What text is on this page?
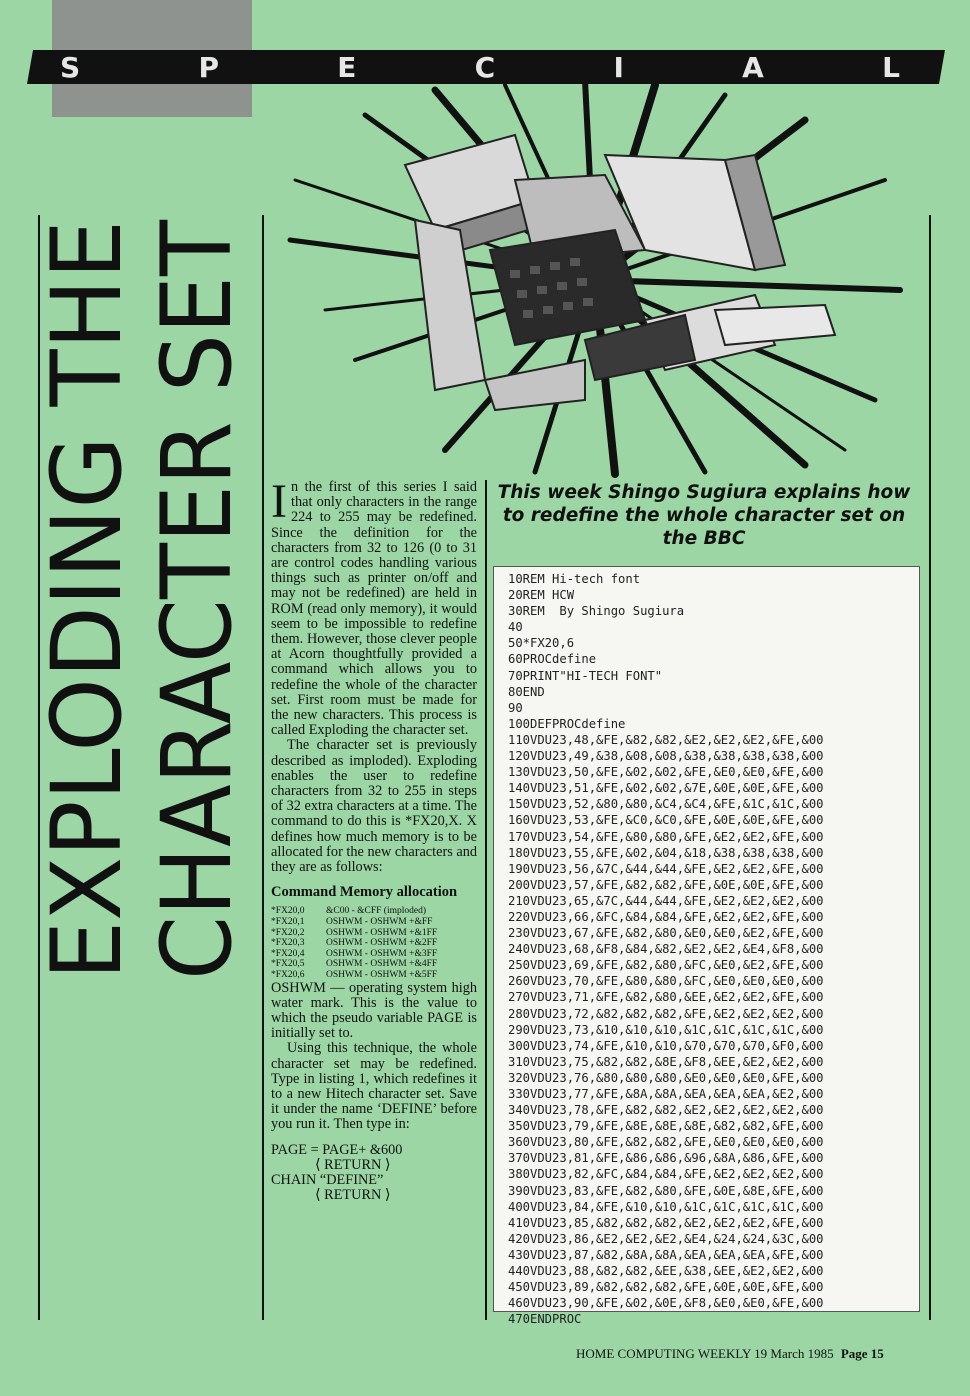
S	P	E	C	I	A	L
EXPLODING THE
CHARACTER SET	This week Shingo Sugiura explains how to redefine the whole character set on the BBC

In the first of this series I said that only characters in the range 224 to 255 may be redefined. Since the definition for the characters from 32 to 126 (0 to 31 are control codes handling various things such as printer on/off and may not be redefined) are held in ROM (read only memory), it would seem to be impossible to redefine them. However, those clever people at Acorn thoughtfully provided a command which allows you to redefine the whole of the character set. First room must be made for the new characters. This process is called Exploding the character set.

The character set is previously described as imploded). Exploding enables the user to redefine characters from 32 to 255 in steps of 32 extra characters at a time. The command to do this is *FX20,X. X defines how much memory is to be allocated for the new characters and they are as follows:

Command Memory allocation
*FX20,0	&C00 - &CFF (imploded)
*FX20,1	OSHWM - OSHWM +&FF
*FX20,2	OSHWM - OSHWM +&1FF
*FX20,3	OSHWM - OSHWM +&2FF
*FX20,4	OSHWM - OSHWM +&3FF
*FX20,5	OSHWM - OSHWM +&4FF
*FX20,6	OSHWM - OSHWM +&5FF

OSHWM — operating system high water mark. This is the value to which the pseudo variable PAGE is initially set to.

Using this technique, the whole character set may be redefined. Type in listing 1, which redefines it to a new Hitech character set. Save it under the name ‘DEFINE’ before you run it. Then type in:

PAGE = PAGE+ &600
⟨ RETURN ⟩
CHAIN “DEFINE”
⟨ RETURN ⟩
10REM Hi-tech font
20REM HCW
30REM  By Shingo Sugiura
40
50*FX20,6
60PROCdefine
70PRINT"HI-TECH FONT"
80END
90
100DEFPROCdefine
110VDU23,48,&FE,&82,&82,&E2,&E2,&E2,&FE,&00
120VDU23,49,&38,&08,&08,&38,&38,&38,&38,&00
130VDU23,50,&FE,&02,&02,&FE,&E0,&E0,&FE,&00
140VDU23,51,&FE,&02,&02,&7E,&0E,&0E,&FE,&00
150VDU23,52,&80,&80,&C4,&C4,&FE,&1C,&1C,&00
160VDU23,53,&FE,&C0,&C0,&FE,&0E,&0E,&FE,&00
170VDU23,54,&FE,&80,&80,&FE,&E2,&E2,&FE,&00
180VDU23,55,&FE,&02,&04,&18,&38,&38,&38,&00
190VDU23,56,&7C,&44,&44,&FE,&E2,&E2,&FE,&00
200VDU23,57,&FE,&82,&82,&FE,&0E,&0E,&FE,&00
210VDU23,65,&7C,&44,&44,&FE,&E2,&E2,&E2,&00
220VDU23,66,&FC,&84,&84,&FE,&E2,&E2,&FE,&00
230VDU23,67,&FE,&82,&80,&E0,&E0,&E2,&FE,&00
240VDU23,68,&F8,&84,&82,&E2,&E2,&E4,&F8,&00
250VDU23,69,&FE,&82,&80,&FC,&E0,&E2,&FE,&00
260VDU23,70,&FE,&80,&80,&FC,&E0,&E0,&E0,&00
270VDU23,71,&FE,&82,&80,&EE,&E2,&E2,&FE,&00
280VDU23,72,&82,&82,&82,&FE,&E2,&E2,&E2,&00
290VDU23,73,&10,&10,&10,&1C,&1C,&1C,&1C,&00
300VDU23,74,&FE,&10,&10,&70,&70,&70,&F0,&00
310VDU23,75,&82,&82,&8E,&F8,&EE,&E2,&E2,&00
320VDU23,76,&80,&80,&80,&E0,&E0,&E0,&FE,&00
330VDU23,77,&FE,&8A,&8A,&EA,&EA,&EA,&E2,&00
340VDU23,78,&FE,&82,&82,&E2,&E2,&E2,&E2,&00
350VDU23,79,&FE,&8E,&8E,&8E,&82,&82,&FE,&00
360VDU23,80,&FE,&82,&82,&FE,&E0,&E0,&E0,&00
370VDU23,81,&FE,&86,&86,&96,&8A,&86,&FE,&00
380VDU23,82,&FC,&84,&84,&FE,&E2,&E2,&E2,&00
390VDU23,83,&FE,&82,&80,&FE,&0E,&8E,&FE,&00
400VDU23,84,&FE,&10,&10,&1C,&1C,&1C,&1C,&00
410VDU23,85,&82,&82,&82,&E2,&E2,&E2,&FE,&00
420VDU23,86,&E2,&E2,&E2,&E4,&24,&24,&3C,&00
430VDU23,87,&82,&8A,&8A,&EA,&EA,&EA,&FE,&00
440VDU23,88,&82,&82,&EE,&38,&EE,&E2,&E2,&00
450VDU23,89,&82,&82,&82,&FE,&0E,&0E,&FE,&00
460VDU23,90,&FE,&02,&0E,&F8,&E0,&E0,&FE,&00
470ENDPROC
HOME COMPUTING WEEKLY 19 March 1985 Page 15
